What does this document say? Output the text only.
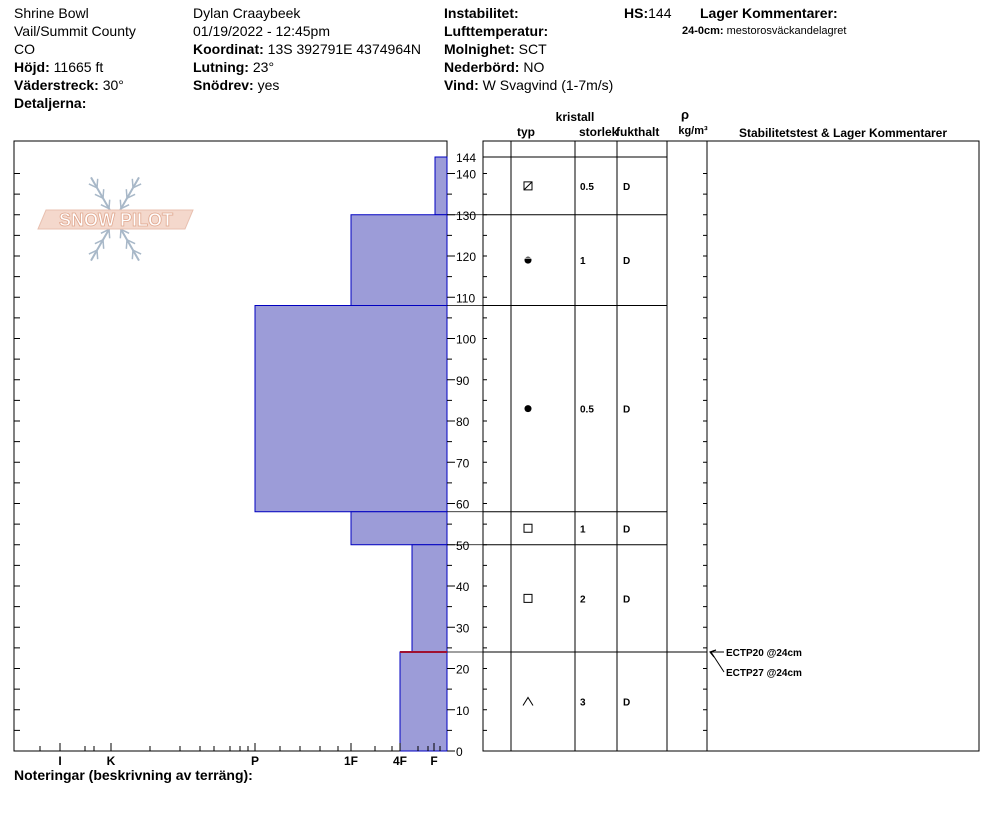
Shrine Bowl
Vail/Summit County
CO
Höjd: 11665 ft
Väderstreck: 30°
Detaljerna:
Dylan Craaybeek
01/19/2022 - 12:45pm
Koordinat: 13S 392791E 4374964N
Lutning: 23°
Snödrev: yes
Instabilitet:
Lufttemperatur:
Molnighet: SCT
Nederbörd: NO
Vind: W Svagvind (1-7m/s)
HS:144 Lager Kommentarer:
24-0cm: mestorosväckandelagret
SNOW PILOT
0
10
20
30
40
50
60
70
80
90
100
110
120
130
140
144
I	K	P	1F	4F F
kristall
typ	storlek
fukthalt
ρ
kg/m³	Stabilitetstest & Lager Kommentarer
0.5	D
1	D
0.5	D
1	D
2	D
3	D
ECTP20 @24cm
ECTP27 @24cm
Noteringar (beskrivning av terräng):
